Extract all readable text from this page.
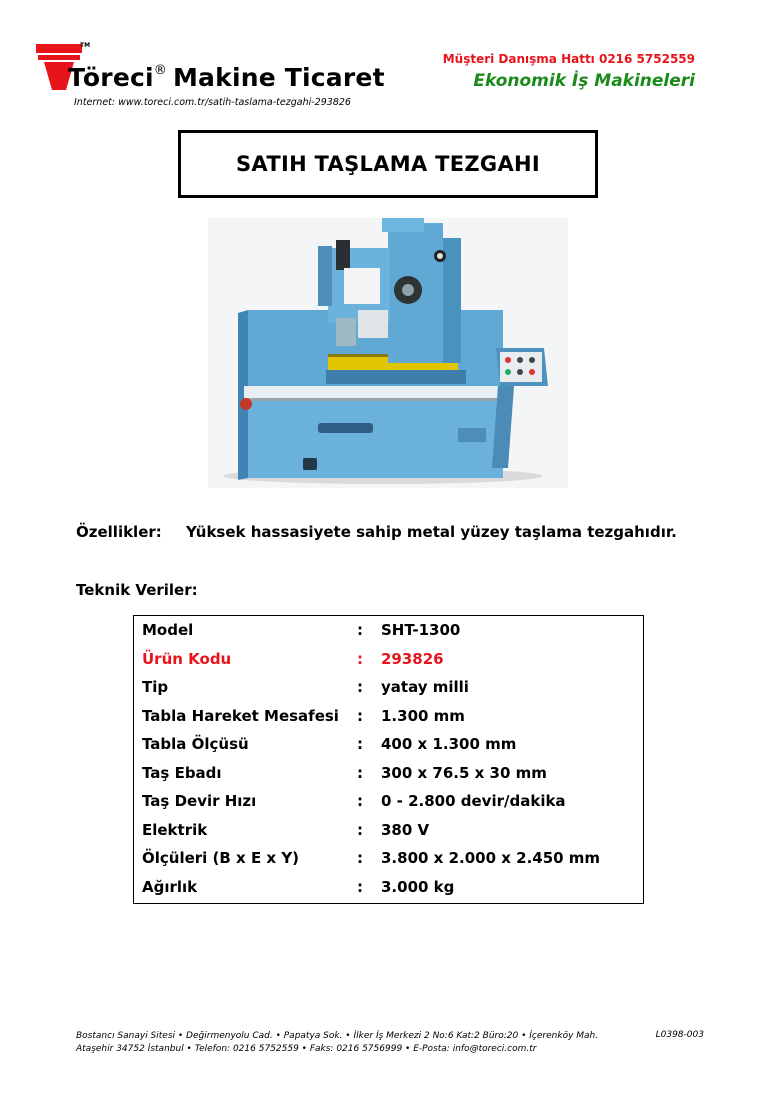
TM
Töreci® Makine Ticaret
Internet: www.toreci.com.tr/satih-taslama-tezgahi-293826
Müşteri Danışma Hattı 0216 5752559
Ekonomik İş Makineleri
SATIH TAŞLAMA TEZGAHI
Özellikler: Yüksek hassasiyete sahip metal yüzey taşlama tezgahıdır.
Teknik Veriler:
Model	:	SHT-1300
Ürün Kodu	:	293826
Tip	:	yatay milli
Tabla Hareket Mesafesi	:	1.300 mm
Tabla Ölçüsü	:	400 x 1.300 mm
Taş Ebadı	:	300 x 76.5 x 30 mm
Taş Devir Hızı	:	0 - 2.800 devir/dakika
Elektrik	:	380 V
Ölçüleri (B x E x Y)	:	3.800 x 2.000 x 2.450 mm
Ağırlık	:	3.000 kg
Bostancı Sanayi Sitesi • Değirmenyolu Cad. • Papatya Sok. • İlker İş Merkezi 2 No:6 Kat:2 Büro:20 • İçerenköy Mah.
Ataşehir 34752 İstanbul • Telefon: 0216 5752559 • Faks: 0216 5756999 • E-Posta: info@toreci.com.tr
L0398-003
